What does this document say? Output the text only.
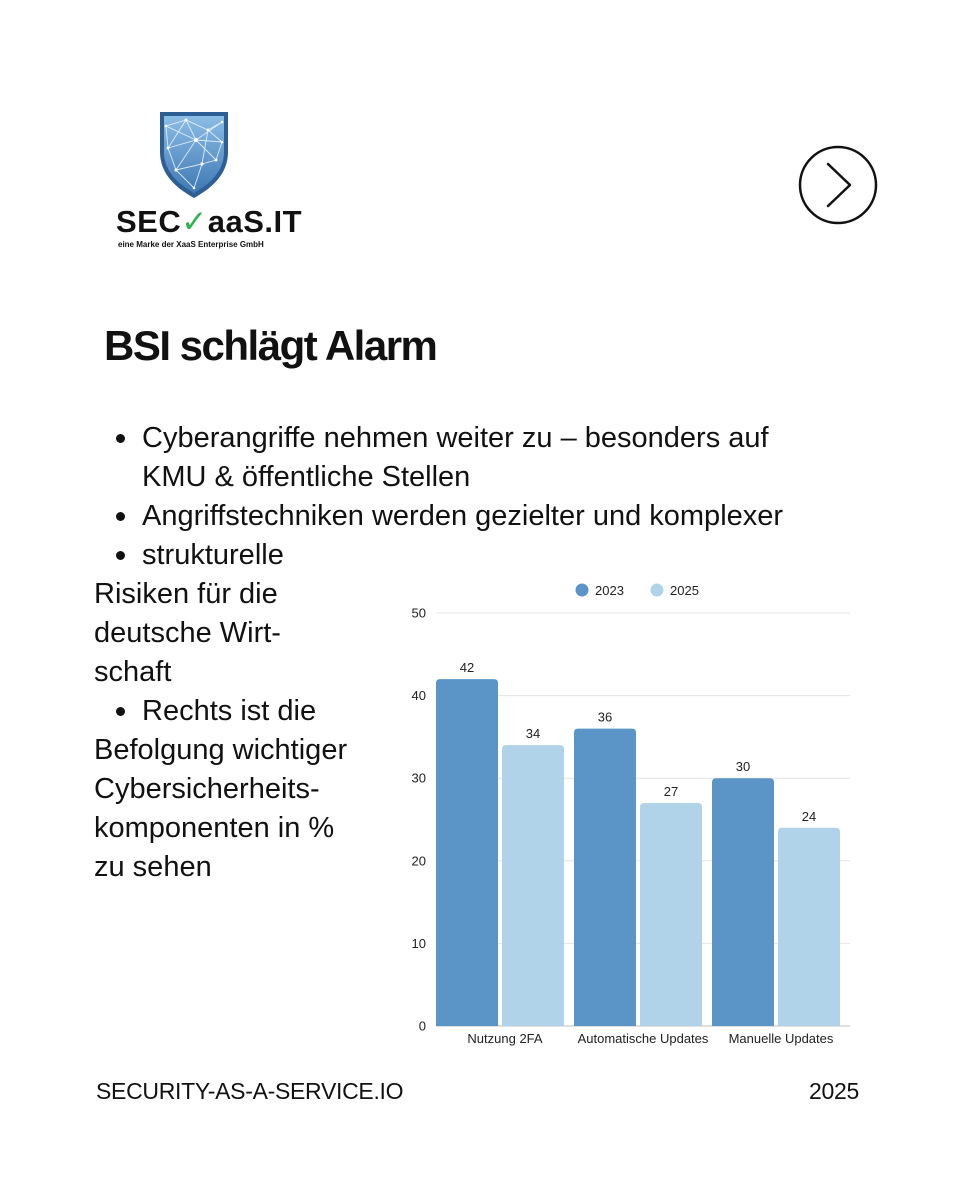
SEC✓aaS.IT
eine Marke der XaaS Enterprise GmbH
BSI schlägt Alarm
Cyberangriffe nehmen weiter zu – besonders auf
KMU & öffentliche Stellen
Angriffstechniken werden gezielter und komplexer
strukturelle
Risiken für die
deutsche Wirt-
schaft
Rechts ist die
Befolgung wichtiger
Cybersicherheits-
komponenten in %
zu sehen
0
10
20
30
40
50
42
34
Nutzung 2FA
36
27
Automatische Updates
30
24
Manuelle Updates
2023	2025
SECURITY-AS-A-SERVICE.IO	2025
